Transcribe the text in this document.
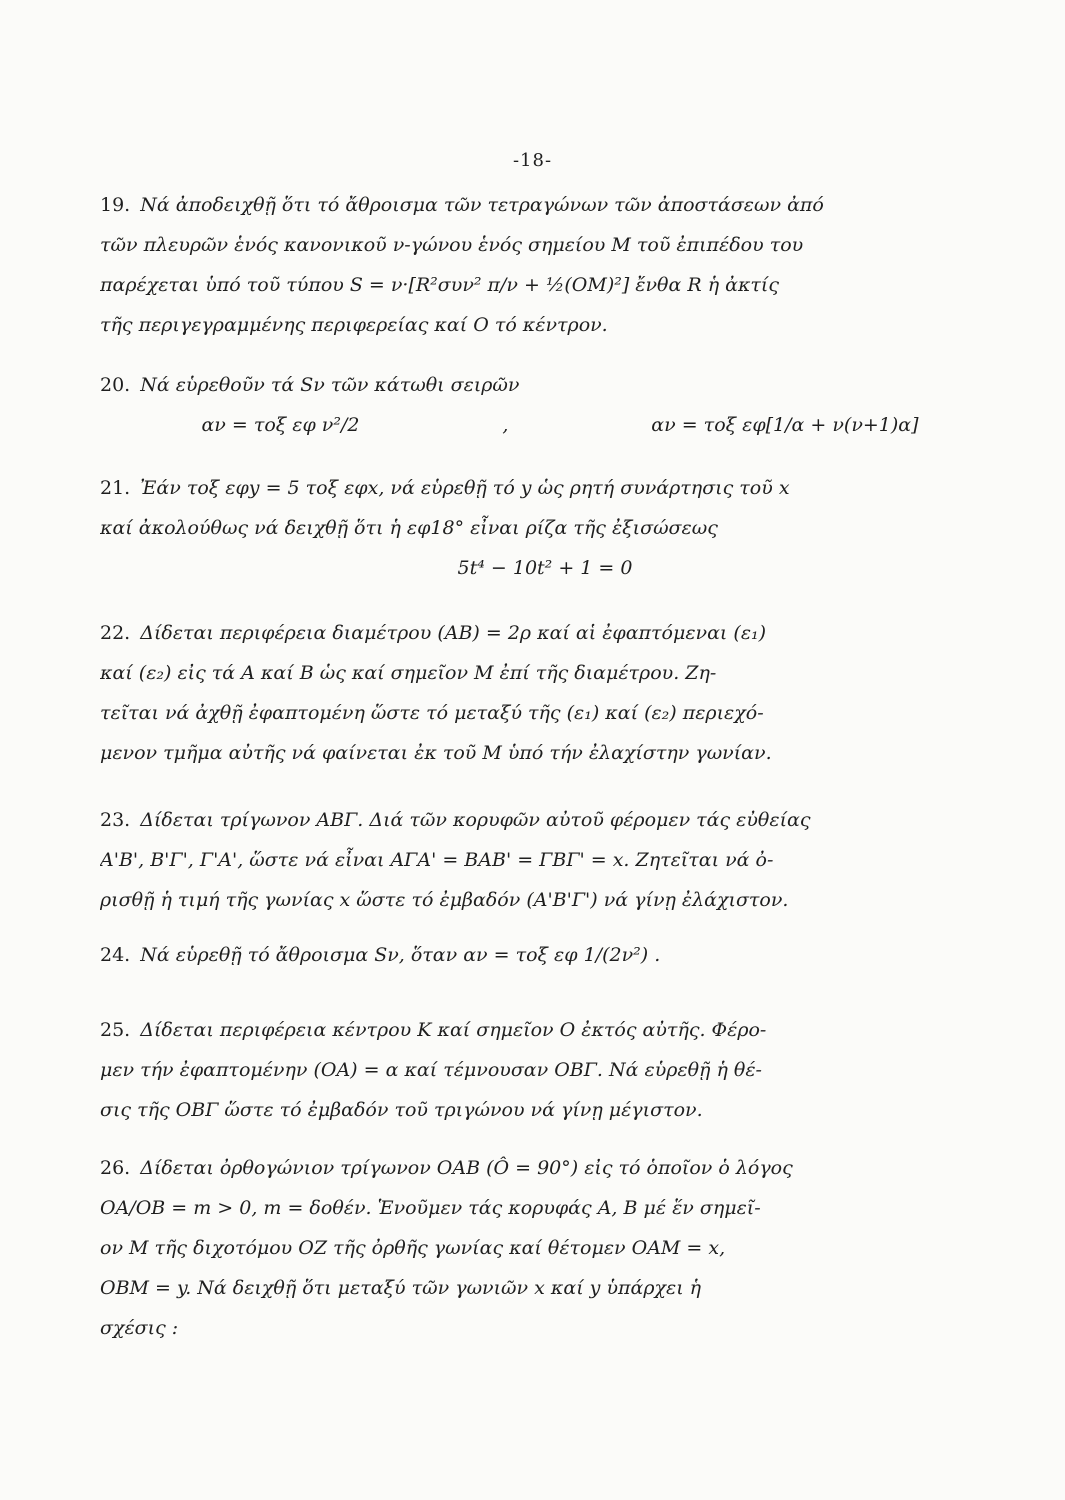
-18-
19. Νά ἀποδειχθῇ ὅτι τό ἄθροισμα τῶν τετραγώνων τῶν ἀποστάσεων ἀπό
τῶν πλευρῶν ἑνός κανονικοῦ ν-γώνου ἑνός σημείου Μ τοῦ ἐπιπέδου του
παρέχεται ὑπό τοῦ τύπου S = ν·[R²συν² π/ν + ½(ΟΜ)²] ἔνθα R ἡ ἀκτίς
τῆς περιγεγραμμένης περιφερείας καί Ο τό κέντρον.
20. Νά εὑρεθοῦν τά Sν τῶν κάτωθι σειρῶν
αν = τοξ εφ ν²/2	,	αν = τοξ εφ[1/α + ν(ν+1)α]
21. Ἐάν τοξ εφy = 5 τοξ εφx, νά εὑρεθῇ τό y ὡς ρητή συνάρτησις τοῦ x
καί ἀκολούθως νά δειχθῇ ὅτι ἡ εφ18° εἶναι ρίζα τῆς ἐξισώσεως
5t⁴ − 10t² + 1 = 0
22. Δίδεται περιφέρεια διαμέτρου (ΑΒ) = 2ρ καί αἱ ἐφαπτόμεναι (ε₁)
καί (ε₂) εἰς τά Α καί Β ὡς καί σημεῖον Μ ἐπί τῆς διαμέτρου. Ζη-
τεῖται νά ἀχθῇ ἐφαπτομένη ὥστε τό μεταξύ τῆς (ε₁) καί (ε₂) περιεχό-
μενον τμῆμα αὐτῆς νά φαίνεται ἐκ τοῦ Μ ὑπό τήν ἐλαχίστην γωνίαν.
23. Δίδεται τρίγωνον ΑΒΓ. Διά τῶν κορυφῶν αὐτοῦ φέρομεν τάς εὐθείας
Α'Β', Β'Γ', Γ'Α', ὥστε νά εἶναι ΑΓΑ' = ΒΑΒ' = ΓΒΓ' = x. Ζητεῖται νά ὀ-
ρισθῇ ἡ τιμή τῆς γωνίας x ὥστε τό ἐμβαδόν (Α'Β'Γ') νά γίνῃ ἐλάχιστον.
24. Νά εὑρεθῇ τό ἄθροισμα Sν, ὅταν αν = τοξ εφ 1/(2ν²) .
25. Δίδεται περιφέρεια κέντρου Κ καί σημεῖον Ο ἐκτός αὐτῆς. Φέρο-
μεν τήν ἐφαπτομένην (ΟΑ) = α καί τέμνουσαν ΟΒΓ. Νά εὑρεθῇ ἡ θέ-
σις τῆς ΟΒΓ ὥστε τό ἐμβαδόν τοῦ τριγώνου νά γίνῃ μέγιστον.
26. Δίδεται ὀρθογώνιον τρίγωνον ΟΑΒ (Ô = 90°) εἰς τό ὁποῖον ὁ λόγος
ΟΑ/ΟΒ = m > 0, m = δοθέν. Ἑνοῦμεν τάς κορυφάς Α, Β μέ ἕν σημεῖ-
ον Μ τῆς διχοτόμου ΟΖ τῆς ὀρθῆς γωνίας καί θέτομεν ΟΑΜ = x,
ΟΒΜ = y. Νά δειχθῇ ὅτι μεταξύ τῶν γωνιῶν x καί y ὑπάρχει ἡ
σχέσις :
